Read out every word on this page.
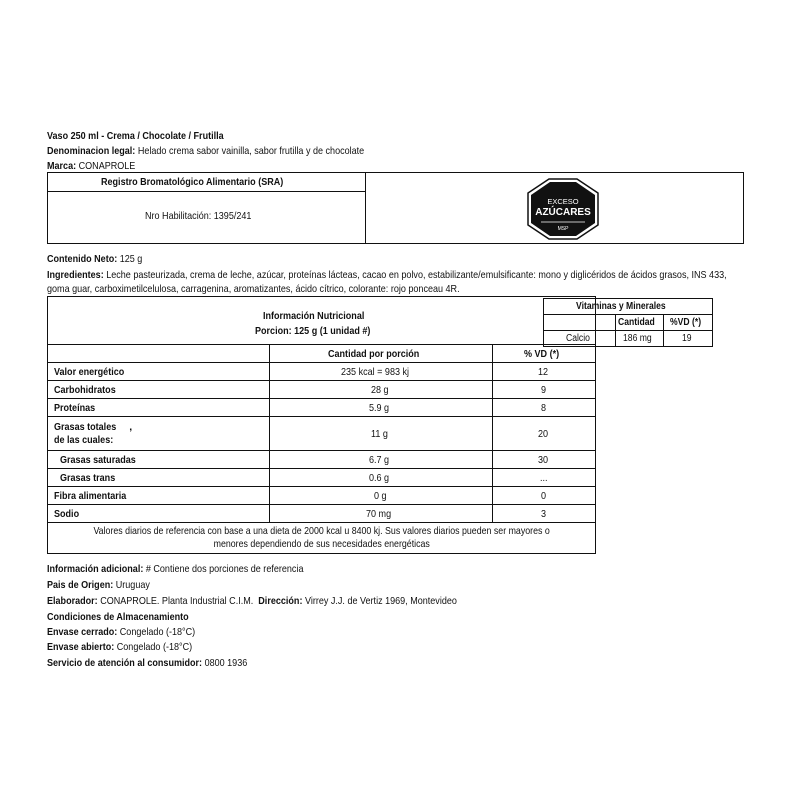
Vaso 250 ml - Crema / Chocolate / Frutilla
Denominacion legal: Helado crema sabor vainilla, sabor frutilla y de chocolate
Marca: CONAPROLE
Registro Bromatológico Alimentario (SRA)
Nro Habilitación: 1395/241
EXCESO
AZÚCARES
MSP
Contenido Neto: 125 g
Ingredientes: Leche pasteurizada, crema de leche, azúcar, proteínas lácteas, cacao en polvo, estabilizante/emulsificante: mono y diglicéridos de ácidos grasos, INS 433,
goma guar, carboximetilcelulosa, carragenina, aromatizantes, ácido cítrico, colorante: rojo ponceau 4R.
Información Nutricional
Porcion: 125 g (1 unidad #)		
	Cantidad por porción	% VD (*)
Valor energético	235 kcal = 983 kj	12
Carbohidratos	28 g	9
Proteínas	5.9 g	8
Grasas totales ,
de las cuales:	11 g	20
Grasas saturadas	6.7 g	30
Grasas trans	0.6 g	...
Fibra alimentaria	0 g	0
Sodio	70 mg	3
Valores diarios de referencia con base a una dieta de 2000 kcal u 8400 kj. Sus valores diarios pueden ser mayores o
menores dependiendo de sus necesidades energéticas		
Vitaminas y Minerales		
	Cantidad	%VD (*)
Calcio	186 mg	19
Información adicional: # Contiene dos porciones de referencia
Pais de Origen: Uruguay
Elaborador: CONAPROLE. Planta Industrial C.I.M. Dirección: Virrey J.J. de Vertiz 1969, Montevideo
Condiciones de Almacenamiento
Envase cerrado: Congelado (-18°C)
Envase abierto: Congelado (-18°C)
Servicio de atención al consumidor: 0800 1936
